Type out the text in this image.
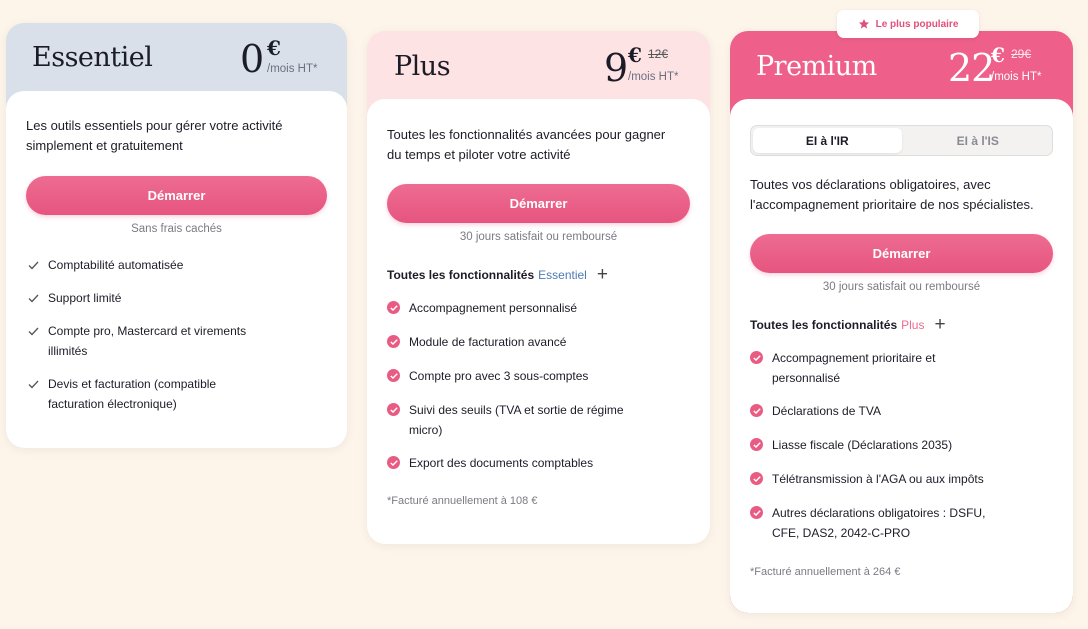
Essentiel 0 €
/mois HT*
Les outils essentiels pour gérer votre activité simplement et gratuitement
Démarrer
Sans frais cachés
Comptabilité automatisée
Support limité
Compte pro, Mastercard et virements illimités
Devis et facturation (compatible facturation électronique)
Plus	9 € 12€
/mois HT*
Toutes les fonctionnalités avancées pour gagner du temps et piloter votre activité
Démarrer
30 jours satisfait ou remboursé
Toutes les fonctionnalités Essentiel +
Accompagnement personnalisé
Module de facturation avancé
Compte pro avec 3 sous-comptes
Suivi des seuils (TVA et sortie de régime micro)
Export des documents comptables
*Facturé annuellement à 108 €
Le plus populaire
Premium 22
€ 29€
/mois HT*
EI à l'IR	EI à l'IS
Toutes vos déclarations obligatoires, avec l'accompagnement prioritaire de nos spécialistes.
Démarrer
30 jours satisfait ou remboursé
Toutes les fonctionnalités Plus +
Accompagnement prioritaire et personnalisé
Déclarations de TVA
Liasse fiscale (Déclarations 2035)
Télétransmission à l'AGA ou aux impôts
Autres déclarations obligatoires : DSFU, CFE, DAS2, 2042-C-PRO
*Facturé annuellement à 264 €
